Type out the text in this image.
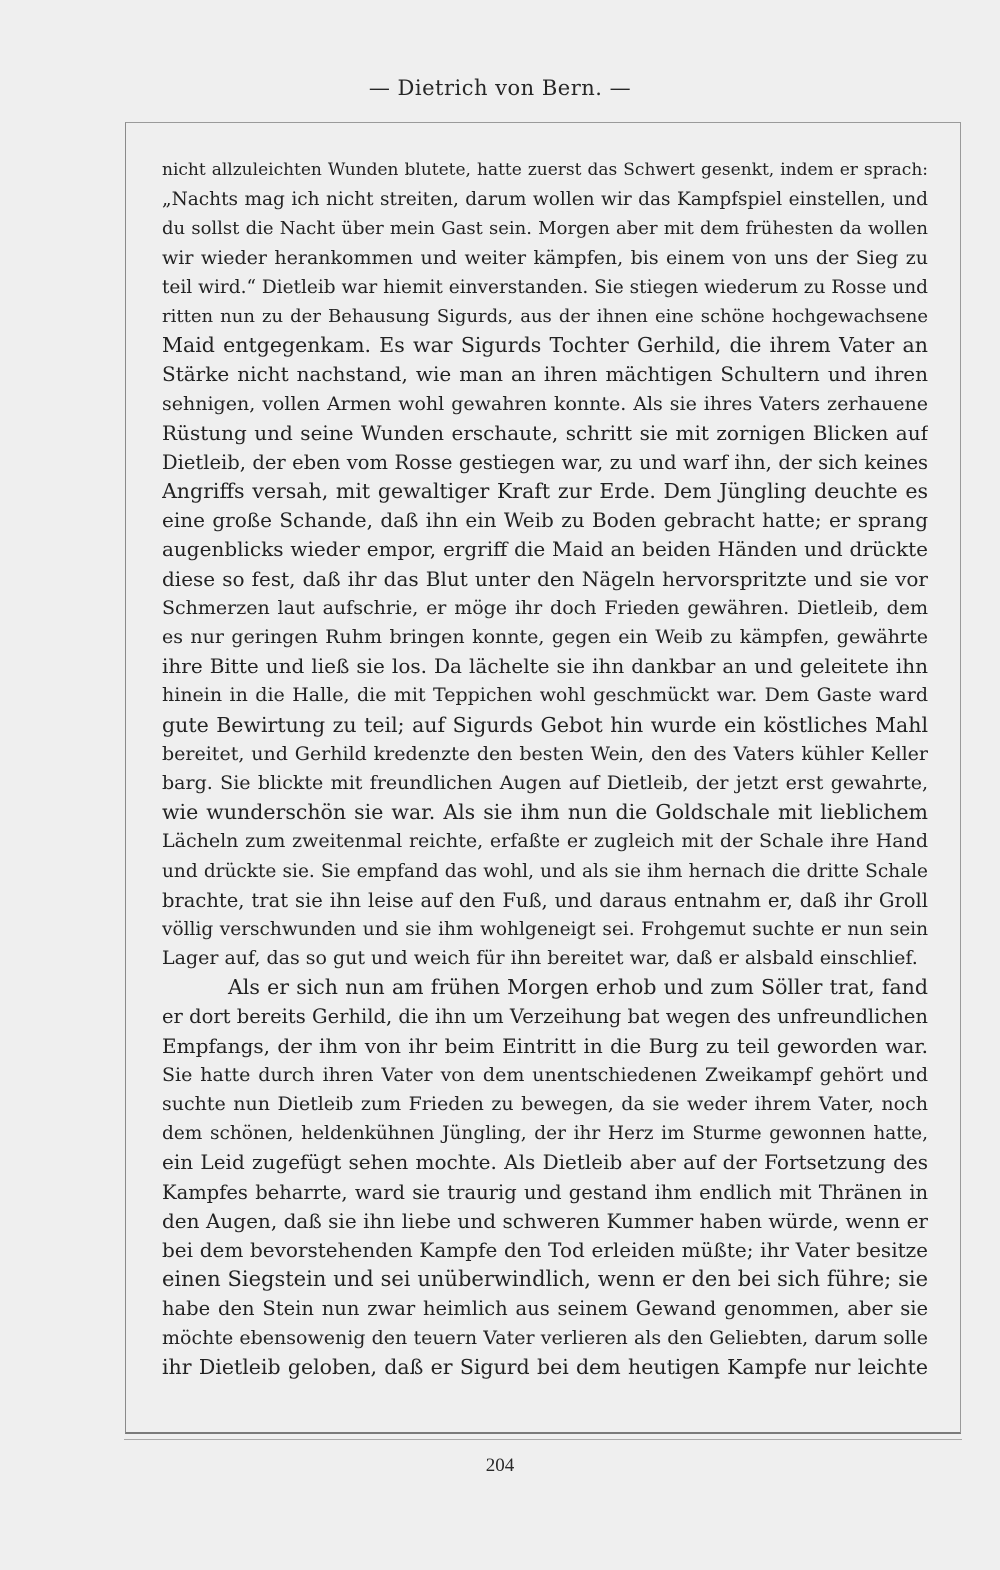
— Dietrich von Bern. —
nicht allzuleichten Wunden blutete, hatte zuerst das Schwert gesenkt, indem er sprach:
„Nachts mag ich nicht streiten, darum wollen wir das Kampfspiel einstellen, und
du sollst die Nacht über mein Gast sein. Morgen aber mit dem frühesten da wollen
wir wieder herankommen und weiter kämpfen, bis einem von uns der Sieg zu
teil wird.“ Dietleib war hiemit einverstanden. Sie stiegen wiederum zu Rosse und
ritten nun zu der Behausung Sigurds, aus der ihnen eine schöne hochgewachsene
Maid entgegenkam. Es war Sigurds Tochter Gerhild, die ihrem Vater an
Stärke nicht nachstand, wie man an ihren mächtigen Schultern und ihren
sehnigen, vollen Armen wohl gewahren konnte. Als sie ihres Vaters zerhauene
Rüstung und seine Wunden erschaute, schritt sie mit zornigen Blicken auf
Dietleib, der eben vom Rosse gestiegen war, zu und warf ihn, der sich keines
Angriffs versah, mit gewaltiger Kraft zur Erde. Dem Jüngling deuchte es
eine große Schande, daß ihn ein Weib zu Boden gebracht hatte; er sprang
augenblicks wieder empor, ergriff die Maid an beiden Händen und drückte
diese so fest, daß ihr das Blut unter den Nägeln hervorspritzte und sie vor
Schmerzen laut aufschrie, er möge ihr doch Frieden gewähren. Dietleib, dem
es nur geringen Ruhm bringen konnte, gegen ein Weib zu kämpfen, gewährte
ihre Bitte und ließ sie los. Da lächelte sie ihn dankbar an und geleitete ihn
hinein in die Halle, die mit Teppichen wohl geschmückt war. Dem Gaste ward
gute Bewirtung zu teil; auf Sigurds Gebot hin wurde ein köstliches Mahl
bereitet, und Gerhild kredenzte den besten Wein, den des Vaters kühler Keller
barg. Sie blickte mit freundlichen Augen auf Dietleib, der jetzt erst gewahrte,
wie wunderschön sie war. Als sie ihm nun die Goldschale mit lieblichem
Lächeln zum zweitenmal reichte, erfaßte er zugleich mit der Schale ihre Hand
und drückte sie. Sie empfand das wohl, und als sie ihm hernach die dritte Schale
brachte, trat sie ihn leise auf den Fuß, und daraus entnahm er, daß ihr Groll
völlig verschwunden und sie ihm wohlgeneigt sei. Frohgemut suchte er nun sein
Lager auf, das so gut und weich für ihn bereitet war, daß er alsbald einschlief.
Als er sich nun am frühen Morgen erhob und zum Söller trat, fand
er dort bereits Gerhild, die ihn um Verzeihung bat wegen des unfreundlichen
Empfangs, der ihm von ihr beim Eintritt in die Burg zu teil geworden war.
Sie hatte durch ihren Vater von dem unentschiedenen Zweikampf gehört und
suchte nun Dietleib zum Frieden zu bewegen, da sie weder ihrem Vater, noch
dem schönen, heldenkühnen Jüngling, der ihr Herz im Sturme gewonnen hatte,
ein Leid zugefügt sehen mochte. Als Dietleib aber auf der Fortsetzung des
Kampfes beharrte, ward sie traurig und gestand ihm endlich mit Thränen in
den Augen, daß sie ihn liebe und schweren Kummer haben würde, wenn er
bei dem bevorstehenden Kampfe den Tod erleiden müßte; ihr Vater besitze
einen Siegstein und sei unüberwindlich, wenn er den bei sich führe; sie
habe den Stein nun zwar heimlich aus seinem Gewand genommen, aber sie
möchte ebensowenig den teuern Vater verlieren als den Geliebten, darum solle
ihr Dietleib geloben, daß er Sigurd bei dem heutigen Kampfe nur leichte
204
